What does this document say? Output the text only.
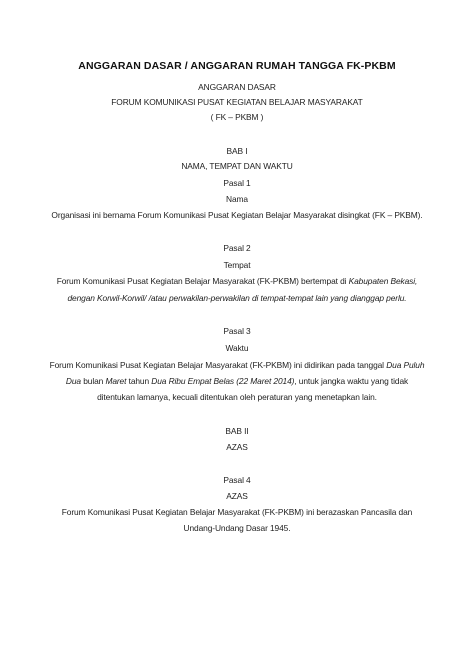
ANGGARAN DASAR / ANGGARAN RUMAH TANGGA FK-PKBM
ANGGARAN DASAR
FORUM KOMUNIKASI PUSAT KEGIATAN BELAJAR MASYARAKAT
( FK – PKBM )
BAB I
NAMA, TEMPAT DAN WAKTU
Pasal 1
Nama
Organisasi ini bernama Forum Komunikasi Pusat Kegiatan Belajar Masyarakat disingkat (FK – PKBM).
Pasal 2
Tempat
Forum Komunikasi Pusat Kegiatan Belajar Masyarakat (FK-PKBM) bertempat di Kabupaten Bekasi,
dengan Korwil-Korwil/ /atau perwakilan-perwakilan di tempat-tempat lain yang dianggap perlu.
Pasal 3
Waktu
Forum Komunikasi Pusat Kegiatan Belajar Masyarakat (FK-PKBM) ini didirikan pada tanggal Dua Puluh
Dua bulan Maret tahun Dua Ribu Empat Belas (22 Maret 2014), untuk jangka waktu yang tidak
ditentukan lamanya, kecuali ditentukan oleh peraturan yang menetapkan lain.
BAB II
AZAS
Pasal 4
AZAS
Forum Komunikasi Pusat Kegiatan Belajar Masyarakat (FK-PKBM) ini berazaskan Pancasila dan
Undang-Undang Dasar 1945.
